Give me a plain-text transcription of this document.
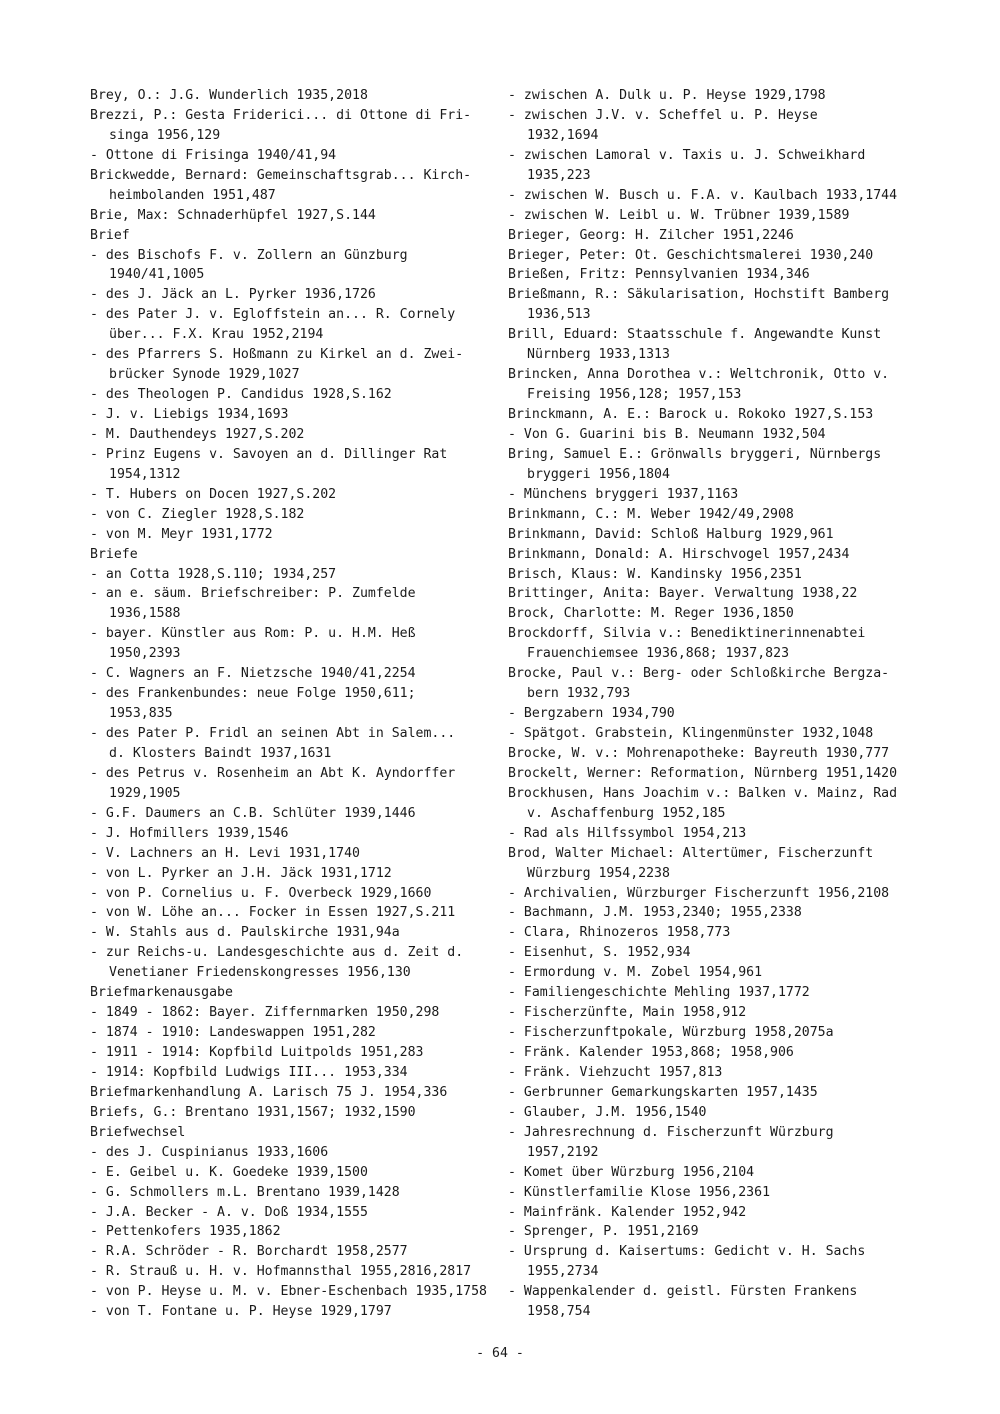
Brey, O.: J.G. Wunderlich 1935,2018
Brezzi, P.: Gesta Friderici... di Ottone di Fri-
singa 1956,129
- Ottone di Frisinga 1940/41,94
Brickwedde, Bernard: Gemeinschaftsgrab... Kirch-
heimbolanden 1951,487
Brie, Max: Schnaderhüpfel 1927,S.144
Brief
- des Bischofs F. v. Zollern an Günzburg
1940/41,1005
- des J. Jäck an L. Pyrker 1936,1726
- des Pater J. v. Egloffstein an... R. Cornely
über... F.X. Krau 1952,2194
- des Pfarrers S. Hoßmann zu Kirkel an d. Zwei-
brücker Synode 1929,1027
- des Theologen P. Candidus 1928,S.162
- J. v. Liebigs 1934,1693
- M. Dauthendeys 1927,S.202
- Prinz Eugens v. Savoyen an d. Dillinger Rat
1954,1312
- T. Hubers on Docen 1927,S.202
- von C. Ziegler 1928,S.182
- von M. Meyr 1931,1772
Briefe
- an Cotta 1928,S.110; 1934,257
- an e. säum. Briefschreiber: P. Zumfelde
1936,1588
- bayer. Künstler aus Rom: P. u. H.M. Heß
1950,2393
- C. Wagners an F. Nietzsche 1940/41,2254
- des Frankenbundes: neue Folge 1950,611;
1953,835
- des Pater P. Fridl an seinen Abt in Salem...
d. Klosters Baindt 1937,1631
- des Petrus v. Rosenheim an Abt K. Ayndorffer
1929,1905
- G.F. Daumers an C.B. Schlüter 1939,1446
- J. Hofmillers 1939,1546
- V. Lachners an H. Levi 1931,1740
- von L. Pyrker an J.H. Jäck 1931,1712
- von P. Cornelius u. F. Overbeck 1929,1660
- von W. Löhe an... Focker in Essen 1927,S.211
- W. Stahls aus d. Paulskirche 1931,94a
- zur Reichs-u. Landesgeschichte aus d. Zeit d.
Venetianer Friedenskongresses 1956,130
Briefmarkenausgabe
- 1849 - 1862: Bayer. Ziffernmarken 1950,298
- 1874 - 1910: Landeswappen 1951,282
- 1911 - 1914: Kopfbild Luitpolds 1951,283
- 1914: Kopfbild Ludwigs III... 1953,334
Briefmarkenhandlung A. Larisch 75 J. 1954,336
Briefs, G.: Brentano 1931,1567; 1932,1590
Briefwechsel
- des J. Cuspinianus 1933,1606
- E. Geibel u. K. Goedeke 1939,1500
- G. Schmollers m.L. Brentano 1939,1428
- J.A. Becker - A. v. Doß 1934,1555
- Pettenkofers 1935,1862
- R.A. Schröder - R. Borchardt 1958,2577
- R. Strauß u. H. v. Hofmannsthal 1955,2816,2817
- von P. Heyse u. M. v. Ebner-Eschenbach 1935,1758
- von T. Fontane u. P. Heyse 1929,1797
- zwischen A. Dulk u. P. Heyse 1929,1798
- zwischen J.V. v. Scheffel u. P. Heyse
1932,1694
- zwischen Lamoral v. Taxis u. J. Schweikhard
1935,223
- zwischen W. Busch u. F.A. v. Kaulbach 1933,1744
- zwischen W. Leibl u. W. Trübner 1939,1589
Brieger, Georg: H. Zilcher 1951,2246
Brieger, Peter: Ot. Geschichtsmalerei 1930,240
Brießen, Fritz: Pennsylvanien 1934,346
Brießmann, R.: Säkularisation, Hochstift Bamberg
1936,513
Brill, Eduard: Staatsschule f. Angewandte Kunst
Nürnberg 1933,1313
Brincken, Anna Dorothea v.: Weltchronik, Otto v.
Freising 1956,128; 1957,153
Brinckmann, A. E.: Barock u. Rokoko 1927,S.153
- Von G. Guarini bis B. Neumann 1932,504
Bring, Samuel E.: Grönwalls bryggeri, Nürnbergs
bryggeri 1956,1804
- Münchens bryggeri 1937,1163
Brinkmann, C.: M. Weber 1942/49,2908
Brinkmann, David: Schloß Halburg 1929,961
Brinkmann, Donald: A. Hirschvogel 1957,2434
Brisch, Klaus: W. Kandinsky 1956,2351
Brittinger, Anita: Bayer. Verwaltung 1938,22
Brock, Charlotte: M. Reger 1936,1850
Brockdorff, Silvia v.: Benediktinerinnenabtei
Frauenchiemsee 1936,868; 1937,823
Brocke, Paul v.: Berg- oder Schloßkirche Bergza-
bern 1932,793
- Bergzabern 1934,790
- Spätgot. Grabstein, Klingenmünster 1932,1048
Brocke, W. v.: Mohrenapotheke: Bayreuth 1930,777
Brockelt, Werner: Reformation, Nürnberg 1951,1420
Brockhusen, Hans Joachim v.: Balken v. Mainz, Rad
v. Aschaffenburg 1952,185
- Rad als Hilfssymbol 1954,213
Brod, Walter Michael: Altertümer, Fischerzunft
Würzburg 1954,2238
- Archivalien, Würzburger Fischerzunft 1956,2108
- Bachmann, J.M. 1953,2340; 1955,2338
- Clara, Rhinozeros 1958,773
- Eisenhut, S. 1952,934
- Ermordung v. M. Zobel 1954,961
- Familiengeschichte Mehling 1937,1772
- Fischerzünfte, Main 1958,912
- Fischerzunftpokale, Würzburg 1958,2075a
- Fränk. Kalender 1953,868; 1958,906
- Fränk. Viehzucht 1957,813
- Gerbrunner Gemarkungskarten 1957,1435
- Glauber, J.M. 1956,1540
- Jahresrechnung d. Fischerzunft Würzburg
1957,2192
- Komet über Würzburg 1956,2104
- Künstlerfamilie Klose 1956,2361
- Mainfränk. Kalender 1952,942
- Sprenger, P. 1951,2169
- Ursprung d. Kaisertums: Gedicht v. H. Sachs
1955,2734
- Wappenkalender d. geistl. Fürsten Frankens
1958,754
- 64 -
